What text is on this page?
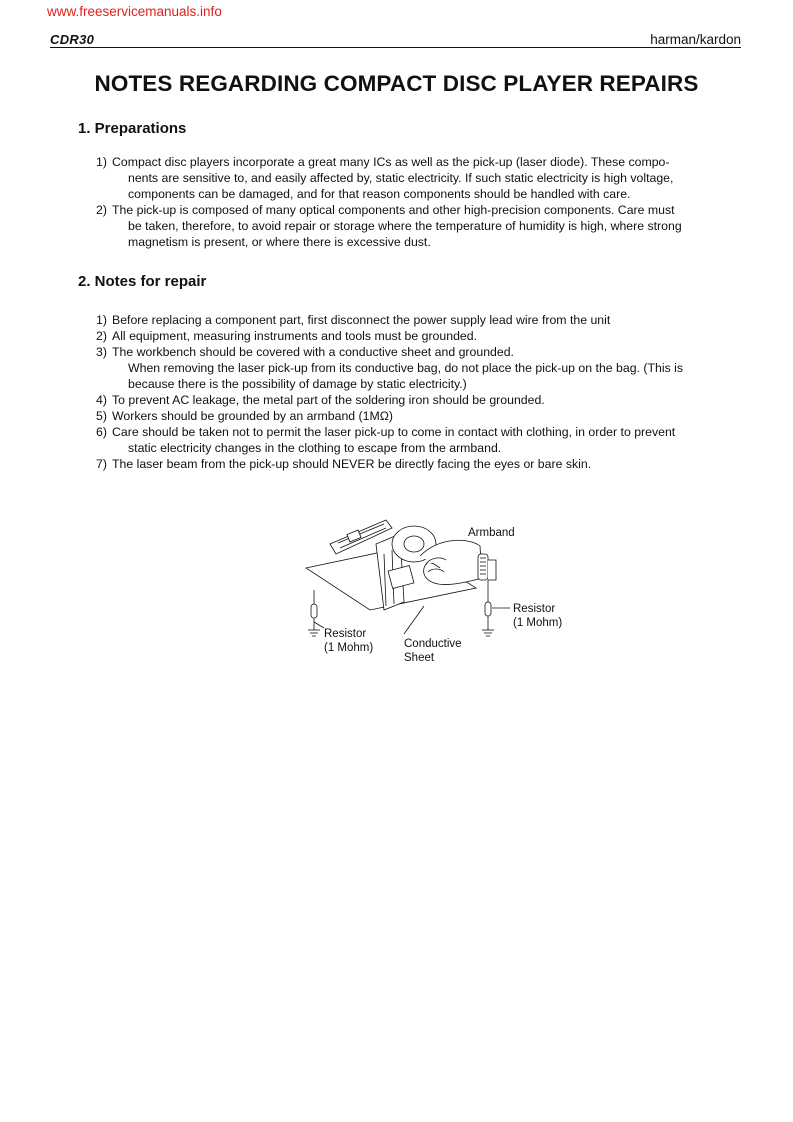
www.freeservicemanuals.info
CDR30	harman/kardon
NOTES REGARDING COMPACT DISC PLAYER REPAIRS
1. Preparations
1) Compact disc players incorporate a great many ICs as well as the pick-up (laser diode). These compo-
nents are sensitive to, and easily affected by, static electricity. If such static electricity is high voltage,
components can be damaged, and for that reason components should be handled with care.
2) The pick-up is composed of many optical components and other high-precision components. Care must
be taken, therefore, to avoid repair or storage where the temperature of humidity is high, where strong
magnetism is present, or where there is excessive dust.
2. Notes for repair
1) Before replacing a component part, first disconnect the power supply lead wire from the unit
2) All equipment, measuring instruments and tools must be grounded.
3) The workbench should be covered with a conductive sheet and grounded.
When removing the laser pick-up from its conductive bag, do not place the pick-up on the bag. (This is
because there is the possibility of damage by static electricity.)
4) To prevent AC leakage, the metal part of the soldering iron should be grounded.
5) Workers should be grounded by an armband (1MΩ)
6) Care should be taken not to permit the laser pick-up to come in contact with clothing, in order to prevent
static electricity changes in the clothing to escape from the armband.
7) The laser beam from the pick-up should NEVER be directly facing the eyes or bare skin.
Armband
Resistor
(1 Mohm)
Resistor
(1 Mohm)	Conductive
Sheet
